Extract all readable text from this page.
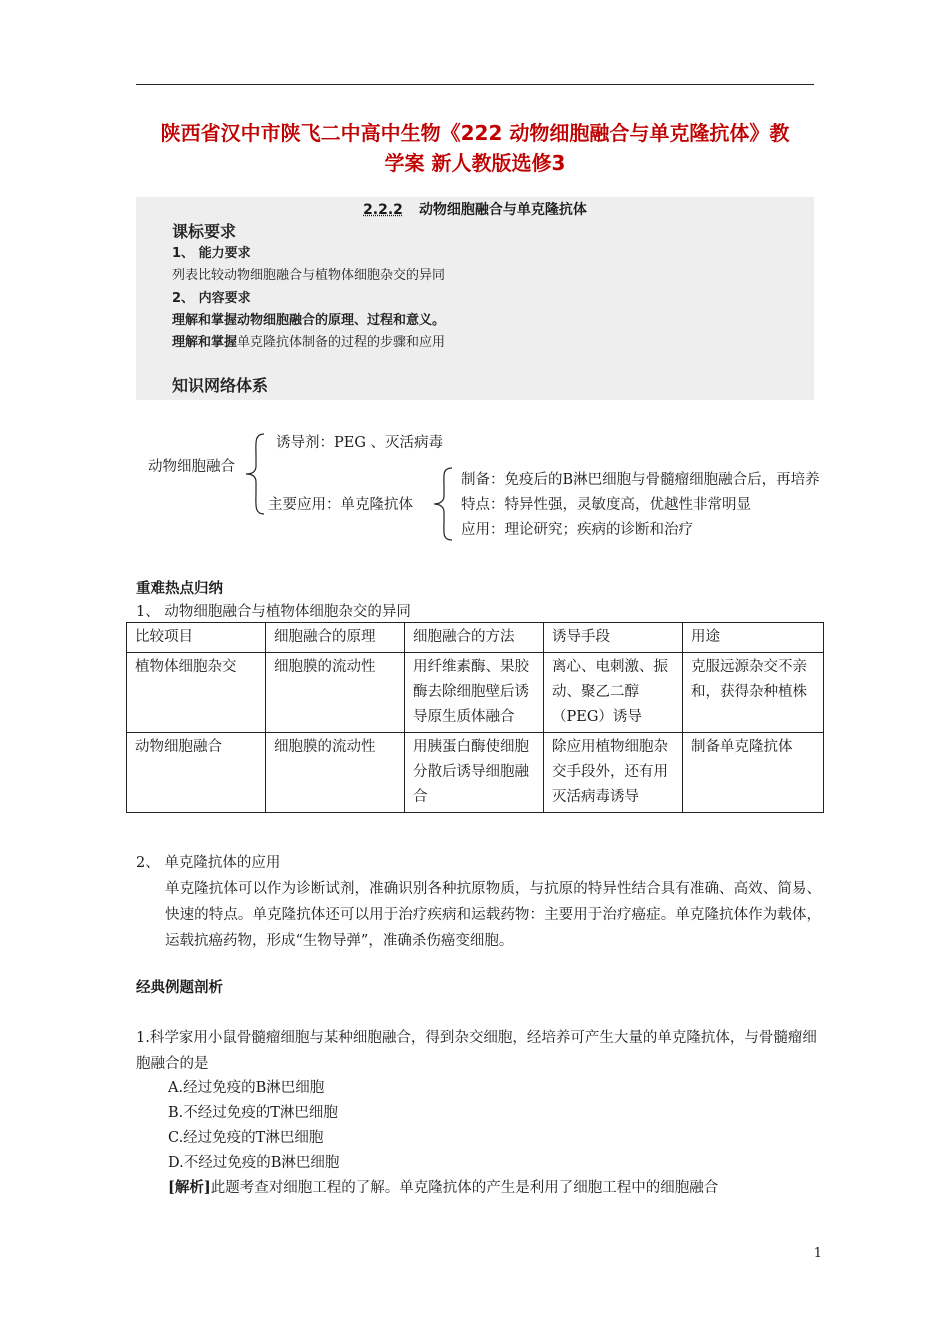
陕西省汉中市陕飞二中高中生物《222 动物细胞融合与单克隆抗体》教
学案 新人教版选修3
2.2.2 动物细胞融合与单克隆抗体
课标要求
1、 能力要求
列表比较动物细胞融合与植物体细胞杂交的异同
2、 内容要求
理解和掌握动物细胞融合的原理、过程和意义。
理解和掌握单克隆抗体制备的过程的步骤和应用
知识网络体系
动物细胞融合
诱导剂：PEG 、灭活病毒
主要应用：单克隆抗体
制备：免疫后的B淋巴细胞与骨髓瘤细胞融合后，再培养
特点：特异性强，灵敏度高，优越性非常明显
应用：理论研究；疾病的诊断和治疗
重难热点归纳
1、 动物细胞融合与植物体细胞杂交的异同
比较项目	细胞融合的原理	细胞融合的方法	诱导手段	用途
植物体细胞杂交	细胞膜的流动性	用纤维素酶、果胶酶去除细胞壁后诱导原生质体融合	离心、电刺激、振动、聚乙二醇（PEG）诱导	克服远源杂交不亲和，获得杂种植株
动物细胞融合	细胞膜的流动性	用胰蛋白酶使细胞分散后诱导细胞融合	除应用植物细胞杂交手段外，还有用灭活病毒诱导	制备单克隆抗体
2、 单克隆抗体的应用
单克隆抗体可以作为诊断试剂，准确识别各种抗原物质，与抗原的特异性结合具有准确、高效、简易、快速的特点。单克隆抗体还可以用于治疗疾病和运载药物：主要用于治疗癌症。单克隆抗体作为载体，运载抗癌药物，形成“生物导弹”，准确杀伤癌变细胞。
经典例题剖析
1.科学家用小鼠骨髓瘤细胞与某种细胞融合，得到杂交细胞，经培养可产生大量的单克隆抗体，与骨髓瘤细胞融合的是
A.经过免疫的B淋巴细胞
B.不经过免疫的T淋巴细胞
C.经过免疫的T淋巴细胞
D.不经过免疫的B淋巴细胞
[解析]此题考查对细胞工程的了解。单克隆抗体的产生是利用了细胞工程中的细胞融合
1
